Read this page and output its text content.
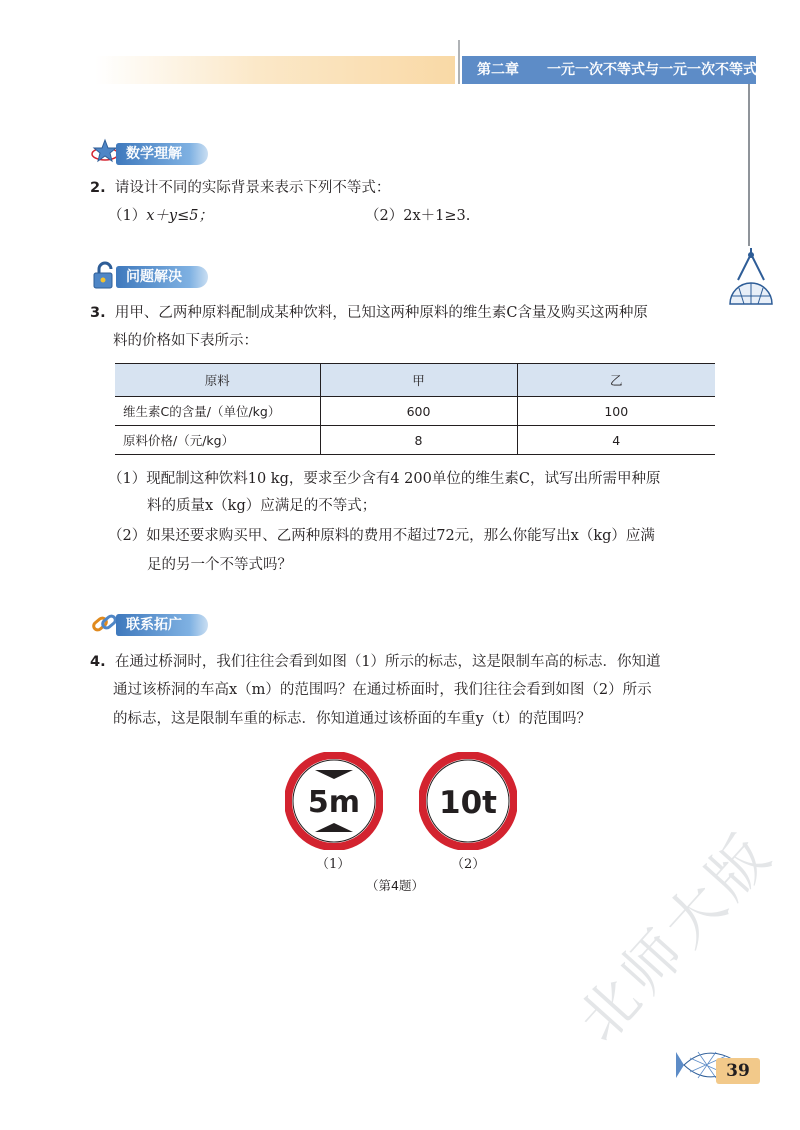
第二章 一元一次不等式与一元一次不等式组
数学理解
2. 请设计不同的实际背景来表示下列不等式：
（1）x＋y≤5；	（2）2x＋1≥3.
问题解决
3. 用甲、乙两种原料配制成某种饮料，已知这两种原料的维生素C含量及购买这两种原
料的价格如下表所示：
原料	甲	乙
维生素C的含量/（单位/kg）	600	100
原料价格/（元/kg）	8	4
（1）现配制这种饮料10 kg，要求至少含有4 200单位的维生素C，试写出所需甲种原
料的质量x（kg）应满足的不等式；
（2）如果还要求购买甲、乙两种原料的费用不超过72元，那么你能写出x（kg）应满
足的另一个不等式吗？
联系拓广
4. 在通过桥洞时，我们往往会看到如图（1）所示的标志，这是限制车高的标志．你知道
通过该桥洞的车高x（m）的范围吗？在通过桥面时，我们往往会看到如图（2）所示
的标志，这是限制车重的标志．你知道通过该桥面的车重y（t）的范围吗？
5m	10t
（1）	（2）
（第4题） 北师大版
39
